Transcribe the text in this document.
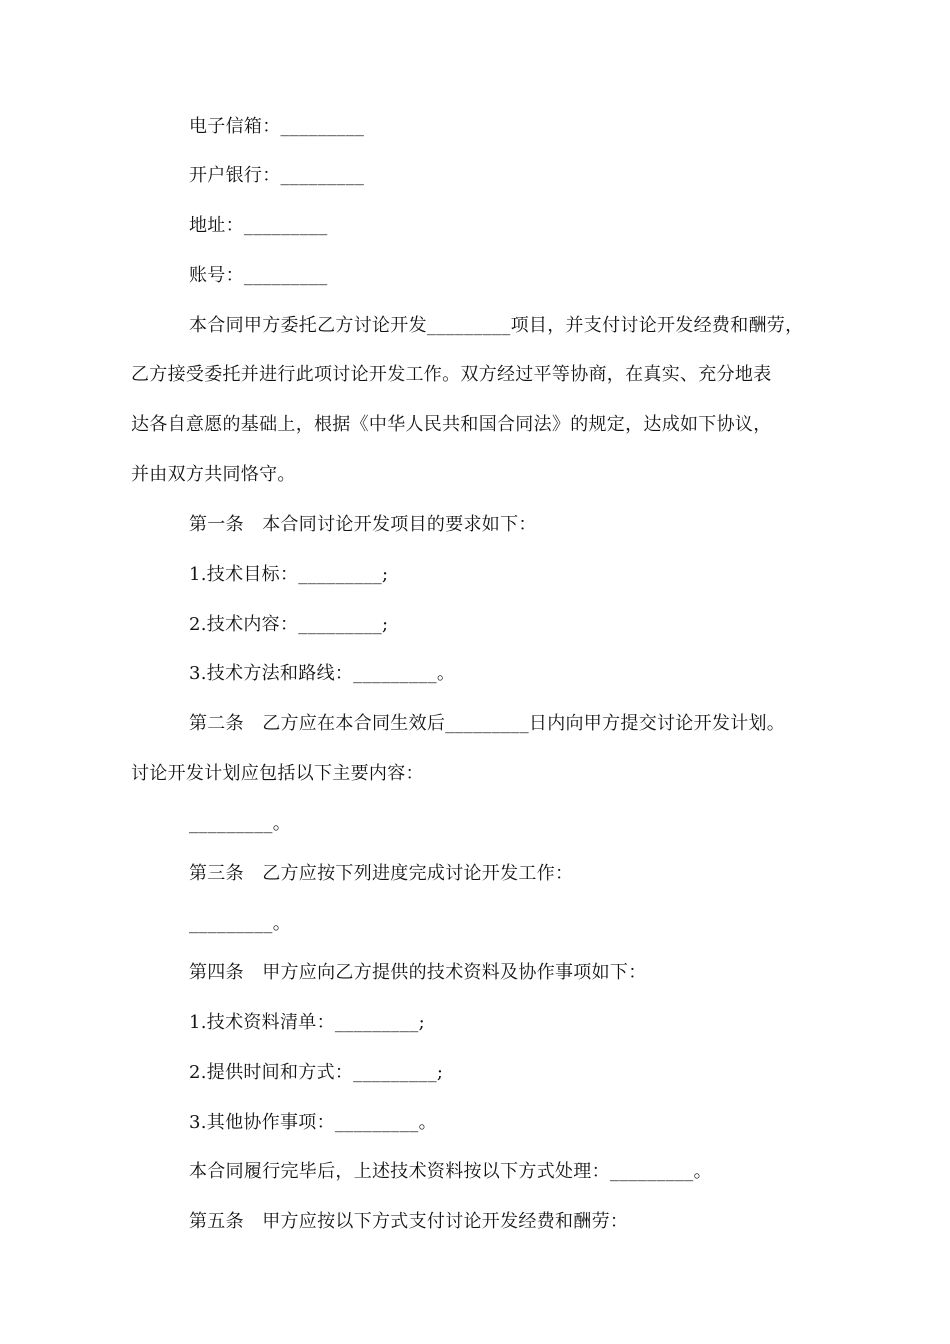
电子信箱：_________
开户银行：_________
地址：_________
账号：_________
本合同甲方委托乙方讨论开发_________项目，并支付讨论开发经费和酬劳，
乙方接受委托并进行此项讨论开发工作。双方经过平等协商，在真实、充分地表
达各自意愿的基础上，根据《中华人民共和国合同法》的规定，达成如下协议，
并由双方共同恪守。
第一条　本合同讨论开发项目的要求如下：
1.技术目标：_________;
2.技术内容：_________;
3.技术方法和路线：_________。
第二条　乙方应在本合同生效后_________日内向甲方提交讨论开发计划。
讨论开发计划应包括以下主要内容：
_________。
第三条　乙方应按下列进度完成讨论开发工作：
_________。
第四条　甲方应向乙方提供的技术资料及协作事项如下：
1.技术资料清单：_________;
2.提供时间和方式：_________;
3.其他协作事项：_________。
本合同履行完毕后，上述技术资料按以下方式处理：_________。
第五条　甲方应按以下方式支付讨论开发经费和酬劳：
